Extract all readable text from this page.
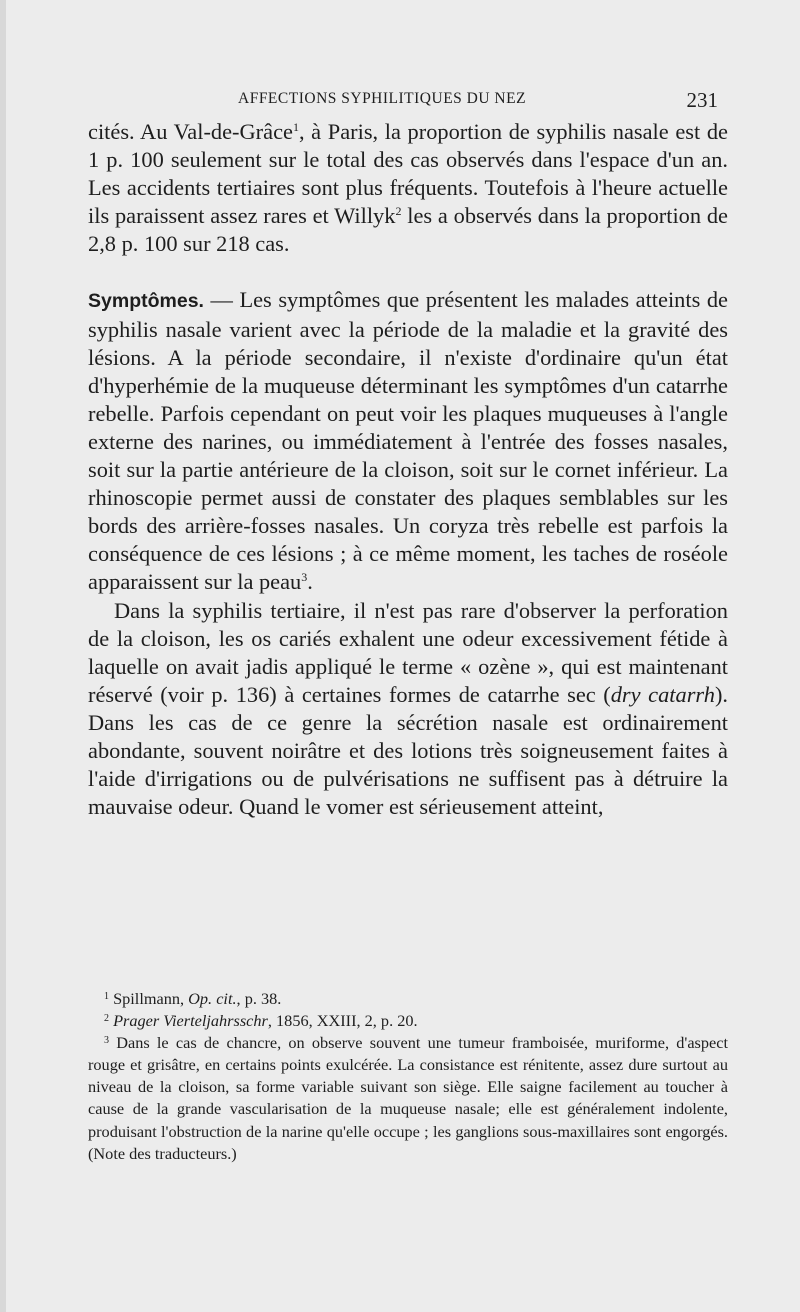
AFFECTIONS SYPHILITIQUES DU NEZ	231

cités. Au Val-de-Grâce$^1$, à Paris, la proportion de syphilis nasale est de 1 p. 100 seulement sur le total des cas observés dans l'espace d'un an. Les accidents tertiaires sont plus fréquents. Toutefois à l'heure actuelle ils paraissent assez rares et Willyk$^2$ les a observés dans la proportion de 2,8 p. 100 sur 218 cas.

Symptômes. — Les symptômes que présentent les malades atteints de syphilis nasale varient avec la période de la maladie et la gravité des lésions. A la période secondaire, il n'existe d'ordinaire qu'un état d'hyperhémie de la muqueuse déterminant les symptômes d'un catarrhe rebelle. Parfois cependant on peut voir les plaques muqueuses à l'angle externe des narines, ou immédiatement à l'entrée des fosses nasales, soit sur la partie antérieure de la cloison, soit sur le cornet inférieur. La rhinoscopie permet aussi de constater des plaques semblables sur les bords des arrière-fosses nasales. Un coryza très rebelle est parfois la conséquence de ces lésions ; à ce même moment, les taches de roséole apparaissent sur la peau$^3$.

Dans la syphilis tertiaire, il n'est pas rare d'observer la perforation de la cloison, les os cariés exhalent une odeur excessivement fétide à laquelle on avait jadis appliqué le terme « ozène », qui est maintenant réservé (voir p. 136) à certaines formes de catarrhe sec (dry catarrh). Dans les cas de ce genre la sécrétion nasale est ordinairement abondante, souvent noirâtre et des lotions très soigneusement faites à l'aide d'irrigations ou de pulvérisations ne suffisent pas à détruire la mauvaise odeur. Quand le vomer est sérieusement atteint,

$^1$ Spillmann, Op. cit., p. 38.

$^2$ Prager Vierteljahrsschr, 1856, XXIII, 2, p. 20.

$^3$ Dans le cas de chancre, on observe souvent une tumeur framboisée, muriforme, d'aspect rouge et grisâtre, en certains points exulcérée. La consistance est rénitente, assez dure surtout au niveau de la cloison, sa forme variable suivant son siège. Elle saigne facilement au toucher à cause de la grande vascularisation de la muqueuse nasale; elle est généralement indolente, produisant l'obstruction de la narine qu'elle occupe ; les ganglions sous-maxillaires sont engorgés. (Note des traducteurs.)
